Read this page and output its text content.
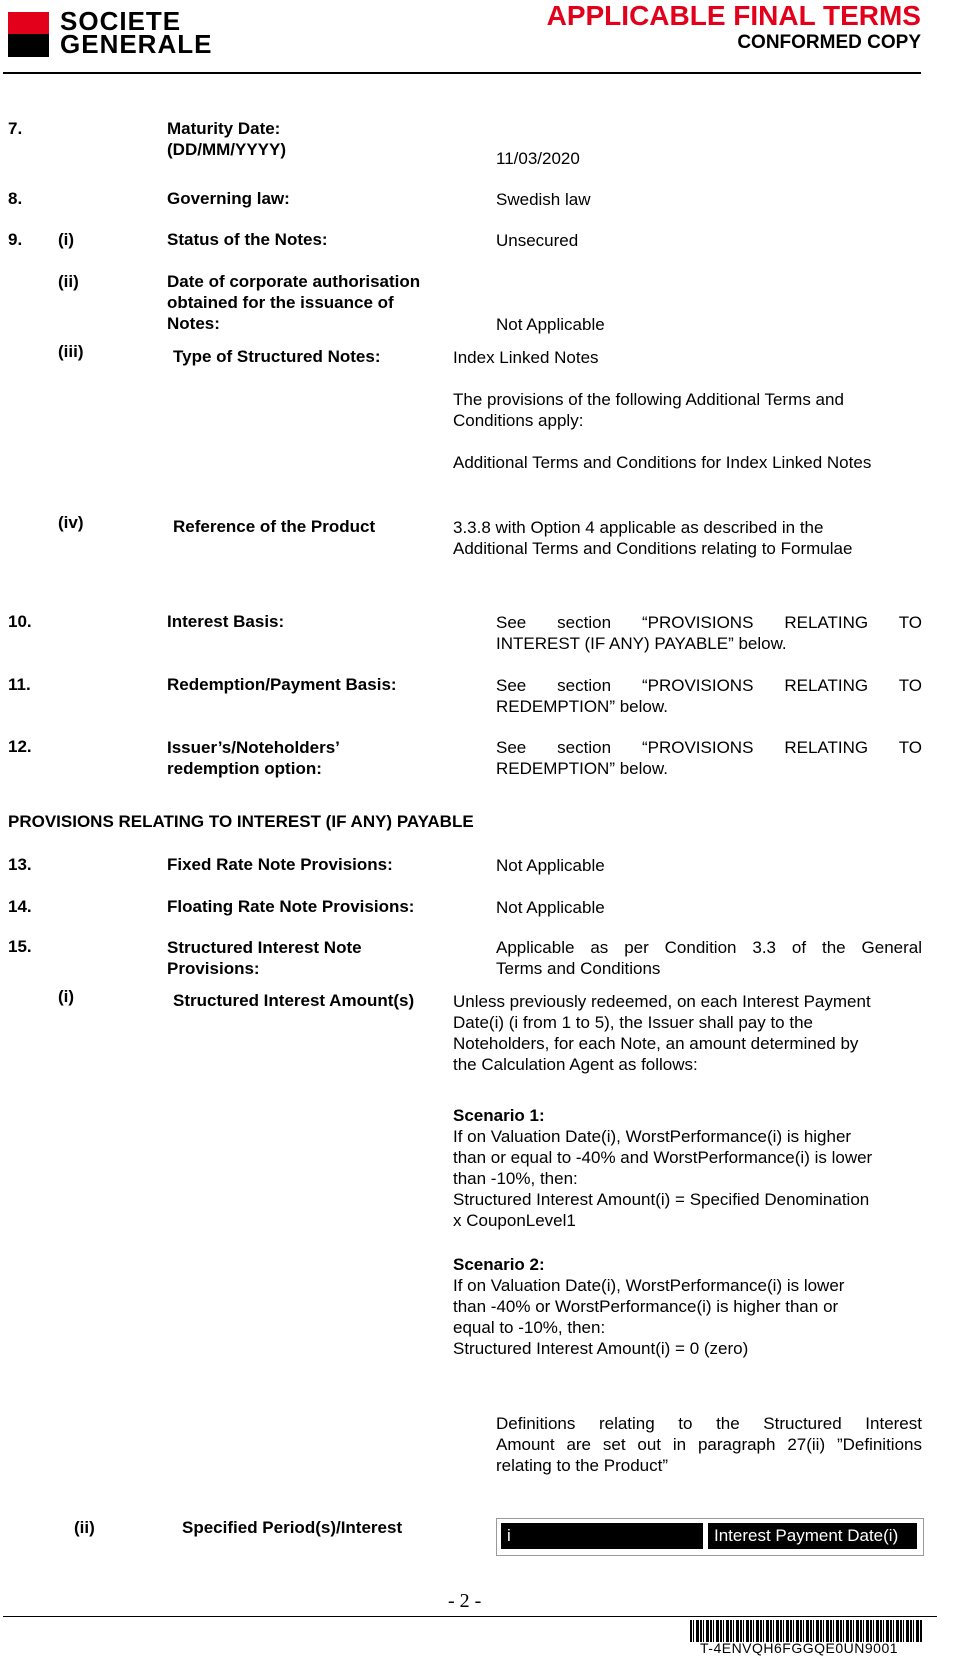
SOCIETE
GENERALE
APPLICABLE FINAL TERMS
CONFORMED COPY
7.	Maturity Date:
(DD/MM/YYYY)	11/03/2020
8.	Governing law:	Swedish law
9. (i)	Status of the Notes:	Unsecured
(ii)	Date of corporate authorisation
obtained for the issuance of
Notes:	Not Applicable
(iii)	Type of Structured Notes:	Index Linked Notes
The provisions of the following Additional Terms and
Conditions apply:
Additional Terms and Conditions for Index Linked Notes
(iv)	Reference of the Product	3.3.8 with Option 4 applicable as described in the
Additional Terms and Conditions relating to Formulae
10.	Interest Basis:	See section “PROVISIONS RELATING TO
INTEREST (IF ANY) PAYABLE” below.
11.	Redemption/Payment Basis:	See section “PROVISIONS RELATING TO
REDEMPTION” below.
12.	Issuer’s/Noteholders’
redemption option:
See section “PROVISIONS RELATING TO
REDEMPTION” below.
PROVISIONS RELATING TO INTEREST (IF ANY) PAYABLE
13.	Fixed Rate Note Provisions:	Not Applicable
14.	Floating Rate Note Provisions:	Not Applicable
15.	Structured Interest Note
Provisions:
Applicable as per Condition 3.3 of the General
Terms and Conditions
(i)	Structured Interest Amount(s) Unless previously redeemed, on each Interest Payment
Date(i) (i from 1 to 5), the Issuer shall pay to the
Noteholders, for each Note, an amount determined by
the Calculation Agent as follows:
Scenario 1:
If on Valuation Date(i), WorstPerformance(i) is higher
than or equal to -40% and WorstPerformance(i) is lower
than -10%, then:
Structured Interest Amount(i) = Specified Denomination
x CouponLevel1
Scenario 2:
If on Valuation Date(i), WorstPerformance(i) is lower
than -40% or WorstPerformance(i) is higher than or
equal to -10%, then:
Structured Interest Amount(i) = 0 (zero)
Definitions relating to the Structured Interest
Amount are set out in paragraph 27(ii) ”Definitions
relating to the Product”
(ii)	Specified Period(s)/Interest	i	Interest Payment Date(i)
- 2 -
T-4ENVQH6FGGQE0UN9001
